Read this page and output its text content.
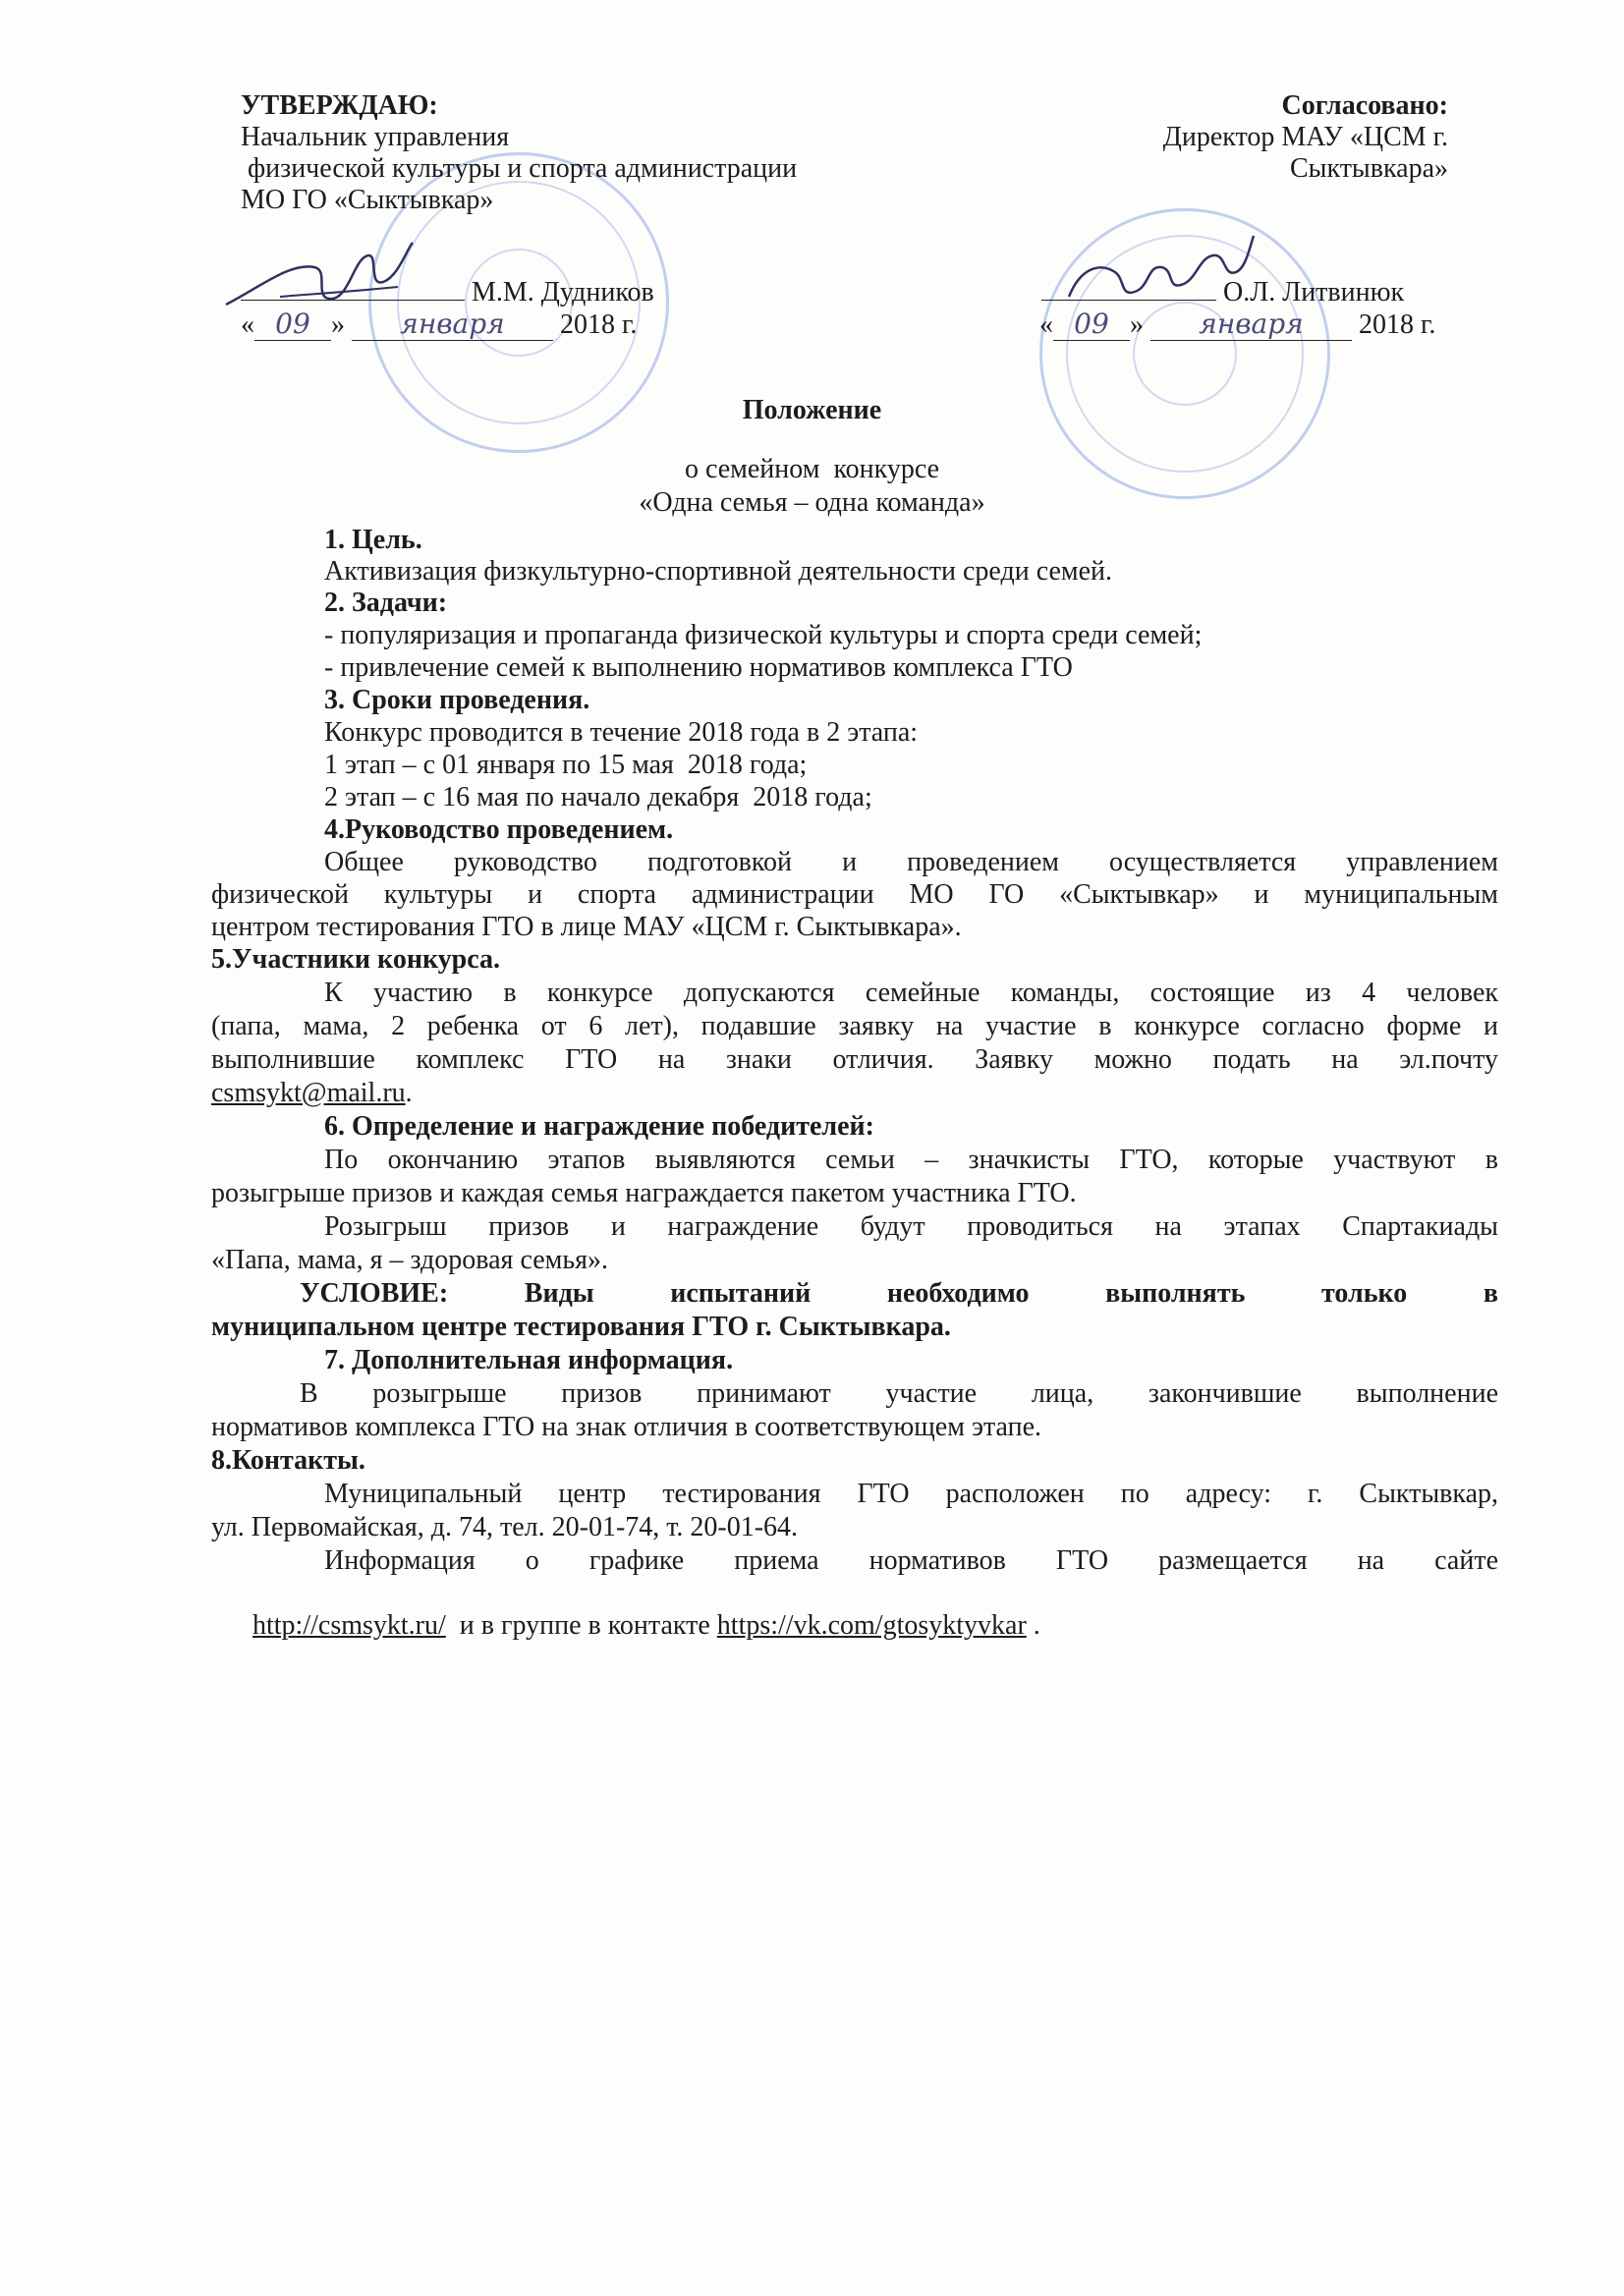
УТВЕРЖДАЮ:
Начальник управления
физической культуры и спорта администрации
МО ГО «Сыктывкар»
Согласовано:
Директор МАУ «ЦСМ г.
Сыктывкара»
М.М. Дудников
« 09 » января 2018 г.
О.Л. Литвинюк
« 09 » января 2018 г.
Положение
о семейном  конкурсе
«Одна семья – одна команда»
1. Цель.
Активизация физкультурно-спортивной деятельности среди семей.
2. Задачи:
- популяризация и пропаганда физической культуры и спорта среди семей;
- привлечение семей к выполнению нормативов комплекса ГТО
3. Сроки проведения.
Конкурс проводится в течение 2018 года в 2 этапа:
1 этап – с 01 января по 15 мая  2018 года;
2 этап – с 16 мая по начало декабря  2018 года;
4.Руководство проведением.
Общее руководство подготовкой и проведением осуществляется управлением
физической культуры и спорта администрации МО ГО «Сыктывкар» и муниципальным
центром тестирования ГТО в лице МАУ «ЦСМ г. Сыктывкара».
5.Участники конкурса.
К участию в конкурсе допускаются семейные команды, состоящие из 4 человек
(папа, мама, 2 ребенка от 6 лет), подавшие заявку на участие в конкурсе согласно форме и
выполнившие комплекс ГТО на знаки отличия. Заявку можно подать на эл.почту
csmsykt@mail.ru.
6. Определение и награждение победителей:
По окончанию этапов выявляются семьи – значкисты ГТО, которые участвуют в
розыгрыше призов и каждая семья награждается пакетом участника ГТО.
Розыгрыш призов и награждение будут проводиться на этапах Спартакиады
«Папа, мама, я – здоровая семья».
УСЛОВИЕ: Виды испытаний необходимо выполнять только в
муниципальном центре тестирования ГТО г. Сыктывкара.
7. Дополнительная информация.
В розыгрыше призов принимают участие лица, закончившие выполнение
нормативов комплекса ГТО на знак отличия в соответствующем этапе.
8.Контакты.
Муниципальный центр тестирования ГТО расположен по адресу: г. Сыктывкар,
ул. Первомайская, д. 74, тел. 20-01-74, т. 20-01-64.
Информация о графике приема нормативов ГТО размещается на сайте

http://csmsykt.ru/  и в группе в контакте https://vk.com/gtosyktyvkar .
